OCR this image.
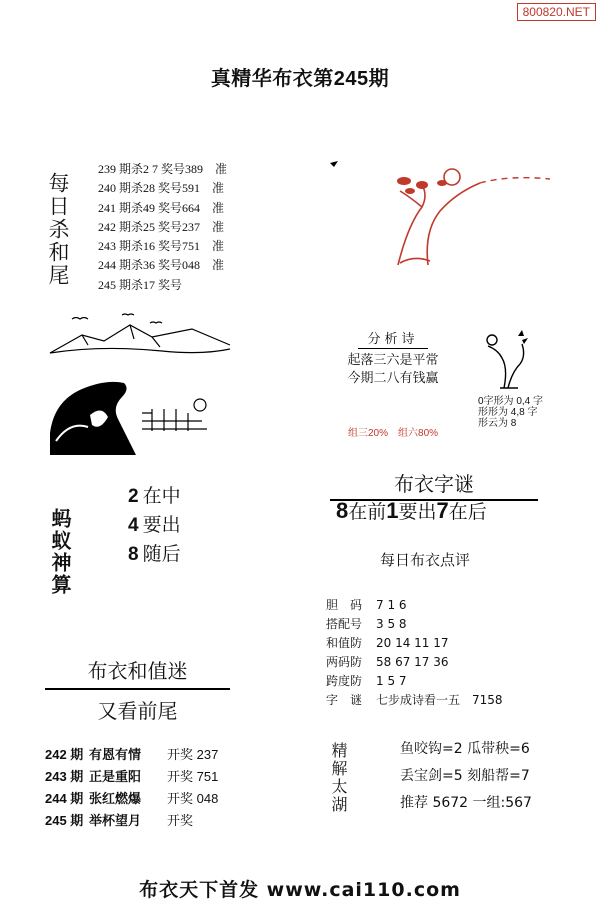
800820.NET
真精华布衣第245期
每日杀和尾
239 期杀2 7 奖号389 准
240 期杀28 奖号591 准
241 期杀49 奖号664 准
242 期杀25 奖号237 准
243 期杀16 奖号751 准
244 期杀36 奖号048 准
245 期杀17 奖号
蚂蚁神算
2 在中
4 要出
8 随后
布衣和值迷
又看前尾
242 期 有恩有情 开奖 237
243 期 正是重阳 开奖 751
244 期 张红燃爆 开奖 048
245 期 举杯望月 开奖
分析诗
起落三六是平常
今期二八有钱赢
组三20% 组六80%
0字形为 0,4 字
形形为 4,8 字
形云为 8
布衣字谜
8在前1要出7在后
每日布衣点评
胆　码 7 1 6
搭配号 3 5 8
和值防 20 14 11 17
两码防 58 67 17 36
跨度防 1 5 7
字　谜 七步成诗看一五　7158
精解太湖	鱼咬钩=2 瓜带秧=6
丢宝剑=5 刻船帮=7
推荐 5672 一组:567
布衣天下首发 www.cai110.com
